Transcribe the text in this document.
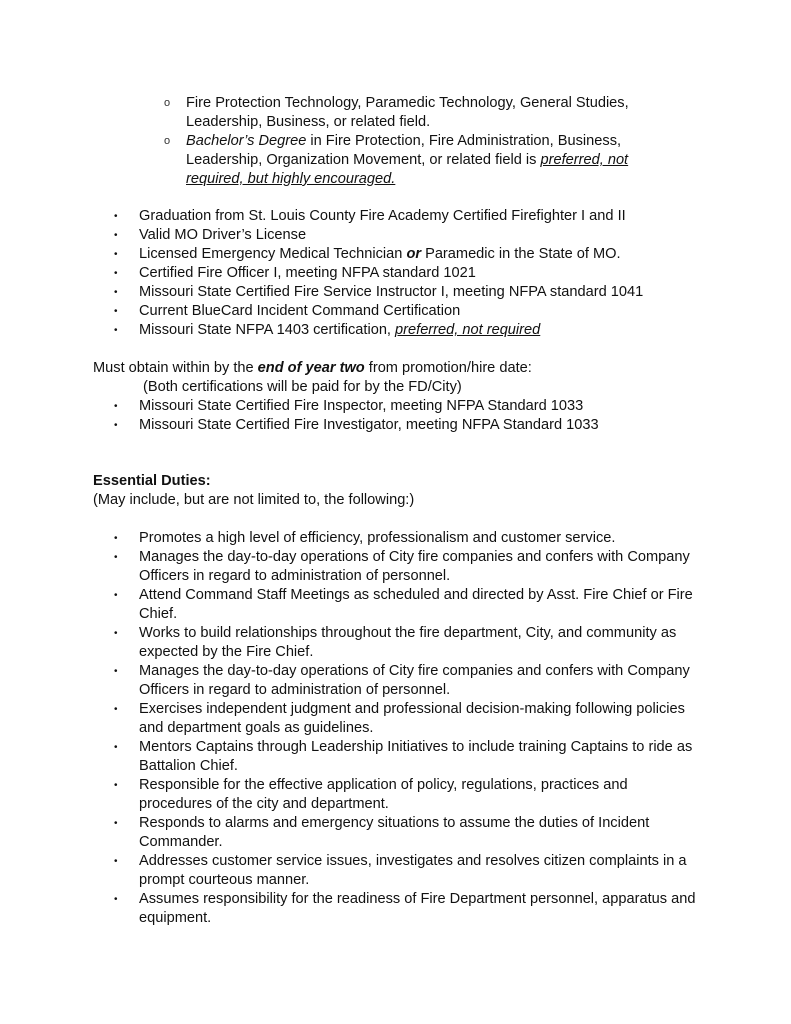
o Fire Protection Technology, Paramedic Technology, General Studies, Leadership, Business, or related field.
o Bachelor’s Degree in Fire Protection, Fire Administration, Business, Leadership, Organization Movement, or related field is preferred, not required, but highly encouraged.
• Graduation from St. Louis County Fire Academy Certified Firefighter I and II
• Valid MO Driver’s License
• Licensed Emergency Medical Technician or Paramedic in the State of MO.
• Certified Fire Officer I, meeting NFPA standard 1021
• Missouri State Certified Fire Service Instructor I, meeting NFPA standard 1041
• Current BlueCard Incident Command Certification
• Missouri State NFPA 1403 certification, preferred, not required
Must obtain within by the end of year two from promotion/hire date:
(Both certifications will be paid for by the FD/City)
• Missouri State Certified Fire Inspector, meeting NFPA Standard 1033
• Missouri State Certified Fire Investigator, meeting NFPA Standard 1033
Essential Duties:
(May include, but are not limited to, the following:)
• Promotes a high level of efficiency, professionalism and customer service.
• Manages the day-to-day operations of City fire companies and confers with Company Officers in regard to administration of personnel.
• Attend Command Staff Meetings as scheduled and directed by Asst. Fire Chief or Fire Chief.
• Works to build relationships throughout the fire department, City, and community as expected by the Fire Chief.
• Manages the day-to-day operations of City fire companies and confers with Company Officers in regard to administration of personnel.
• Exercises independent judgment and professional decision-making following policies and department goals as guidelines.
• Mentors Captains through Leadership Initiatives to include training Captains to ride as Battalion Chief.
• Responsible for the effective application of policy, regulations, practices and procedures of the city and department.
• Responds to alarms and emergency situations to assume the duties of Incident Commander.
• Addresses customer service issues, investigates and resolves citizen complaints in a prompt courteous manner.
• Assumes responsibility for the readiness of Fire Department personnel, apparatus and equipment.
